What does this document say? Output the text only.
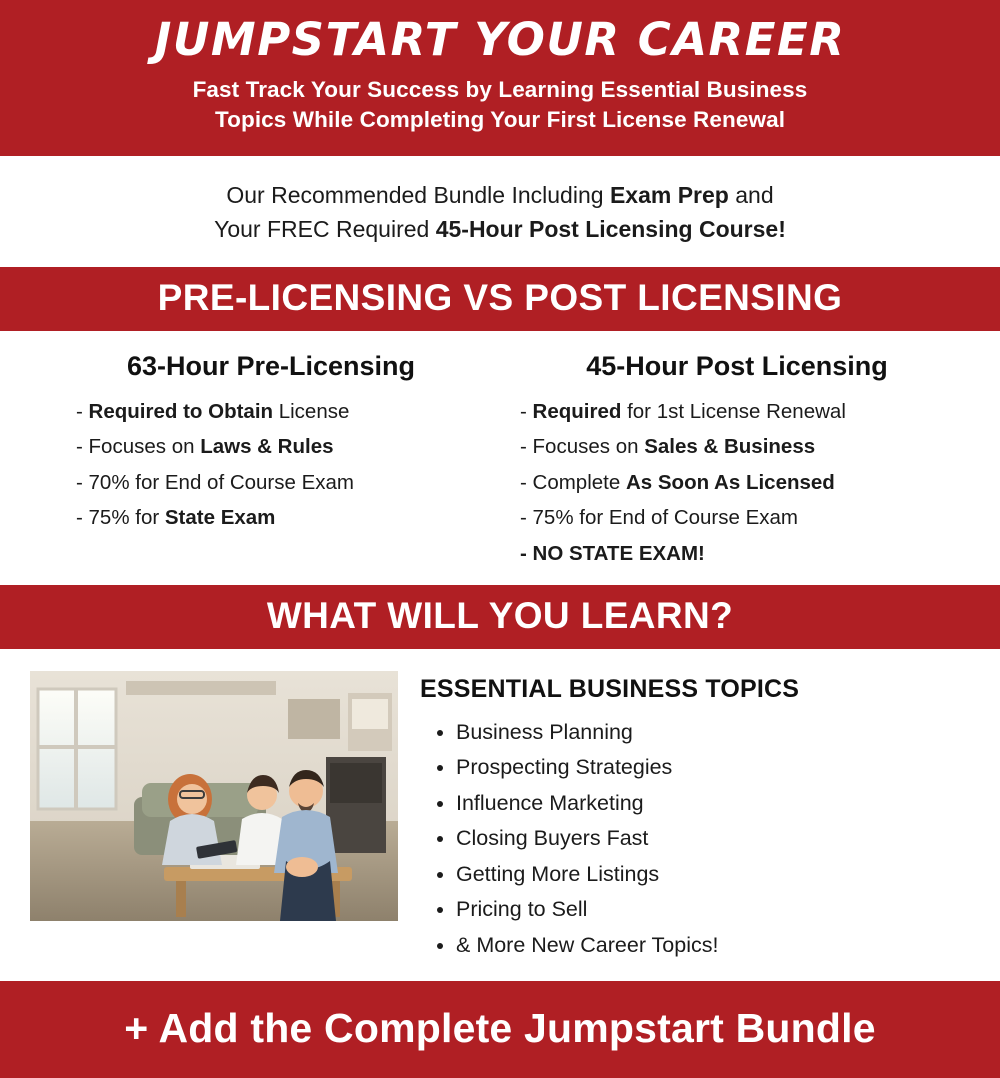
JUMPSTART YOUR CAREER
Fast Track Your Success by Learning Essential Business
Topics While Completing Your First License Renewal
Our Recommended Bundle Including Exam Prep and
Your FREC Required 45-Hour Post Licensing Course!
PRE-LICENSING VS POST LICENSING
63-Hour Pre-Licensing
- Required to Obtain License
- Focuses on Laws & Rules
- 70% for End of Course Exam
- 75% for State Exam
45-Hour Post Licensing
- Required for 1st License Renewal
- Focuses on Sales & Business
- Complete As Soon As Licensed
- 75% for End of Course Exam
- NO STATE EXAM!
WHAT WILL YOU LEARN?
ESSENTIAL BUSINESS TOPICS
• Business Planning
• Prospecting Strategies
• Influence Marketing
• Closing Buyers Fast
• Getting More Listings
• Pricing to Sell
• & More New Career Topics!
+ Add the Complete Jumpstart Bundle
